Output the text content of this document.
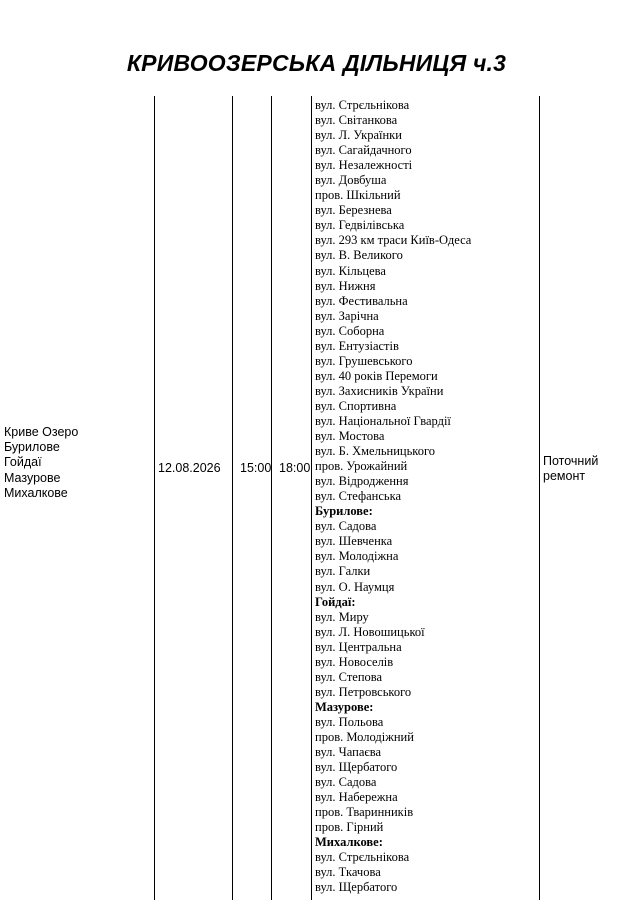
КРИВООЗЕРСЬКА ДІЛЬНИЦЯ ч.3
Криве Озеро
Бурилове
Гойдаї
Мазурове
Михалкове
12.08.2026 15:00 18:00	Поточний
ремонт
вул. Стрєльнікова
вул. Світанкова
вул. Л. Українки
вул. Сагайдачного
вул. Незалежності
вул. Довбуша
пров. Шкільний
вул. Березнева
вул. Гедвілівська
вул. 293 км траси Київ-Одеса
вул. В. Великого
вул. Кільцева
вул. Нижня
вул. Фестивальна
вул. Зарічна
вул. Соборна
вул. Ентузіастів
вул. Грушевського
вул. 40 років Перемоги
вул. Захисників України
вул. Спортивна
вул. Національної Гвардії
вул. Мостова
вул. Б. Хмельницького
пров. Урожайний
вул. Відродження
вул. Стефанська
Бурилове:
вул. Садова
вул. Шевченка
вул. Молодіжна
вул. Галки
вул. О. Наумця
Гойдаї:
вул. Миру
вул. Л. Новошицької
вул. Центральна
вул. Новоселів
вул. Степова
вул. Петровського
Мазурове:
вул. Польова
пров. Молодіжний
вул. Чапаєва
вул. Щербатого
вул. Садова
вул. Набережна
пров. Тваринників
пров. Гірний
Михалкове:
вул. Стрєльнікова
вул. Ткачова
вул. Щербатого
